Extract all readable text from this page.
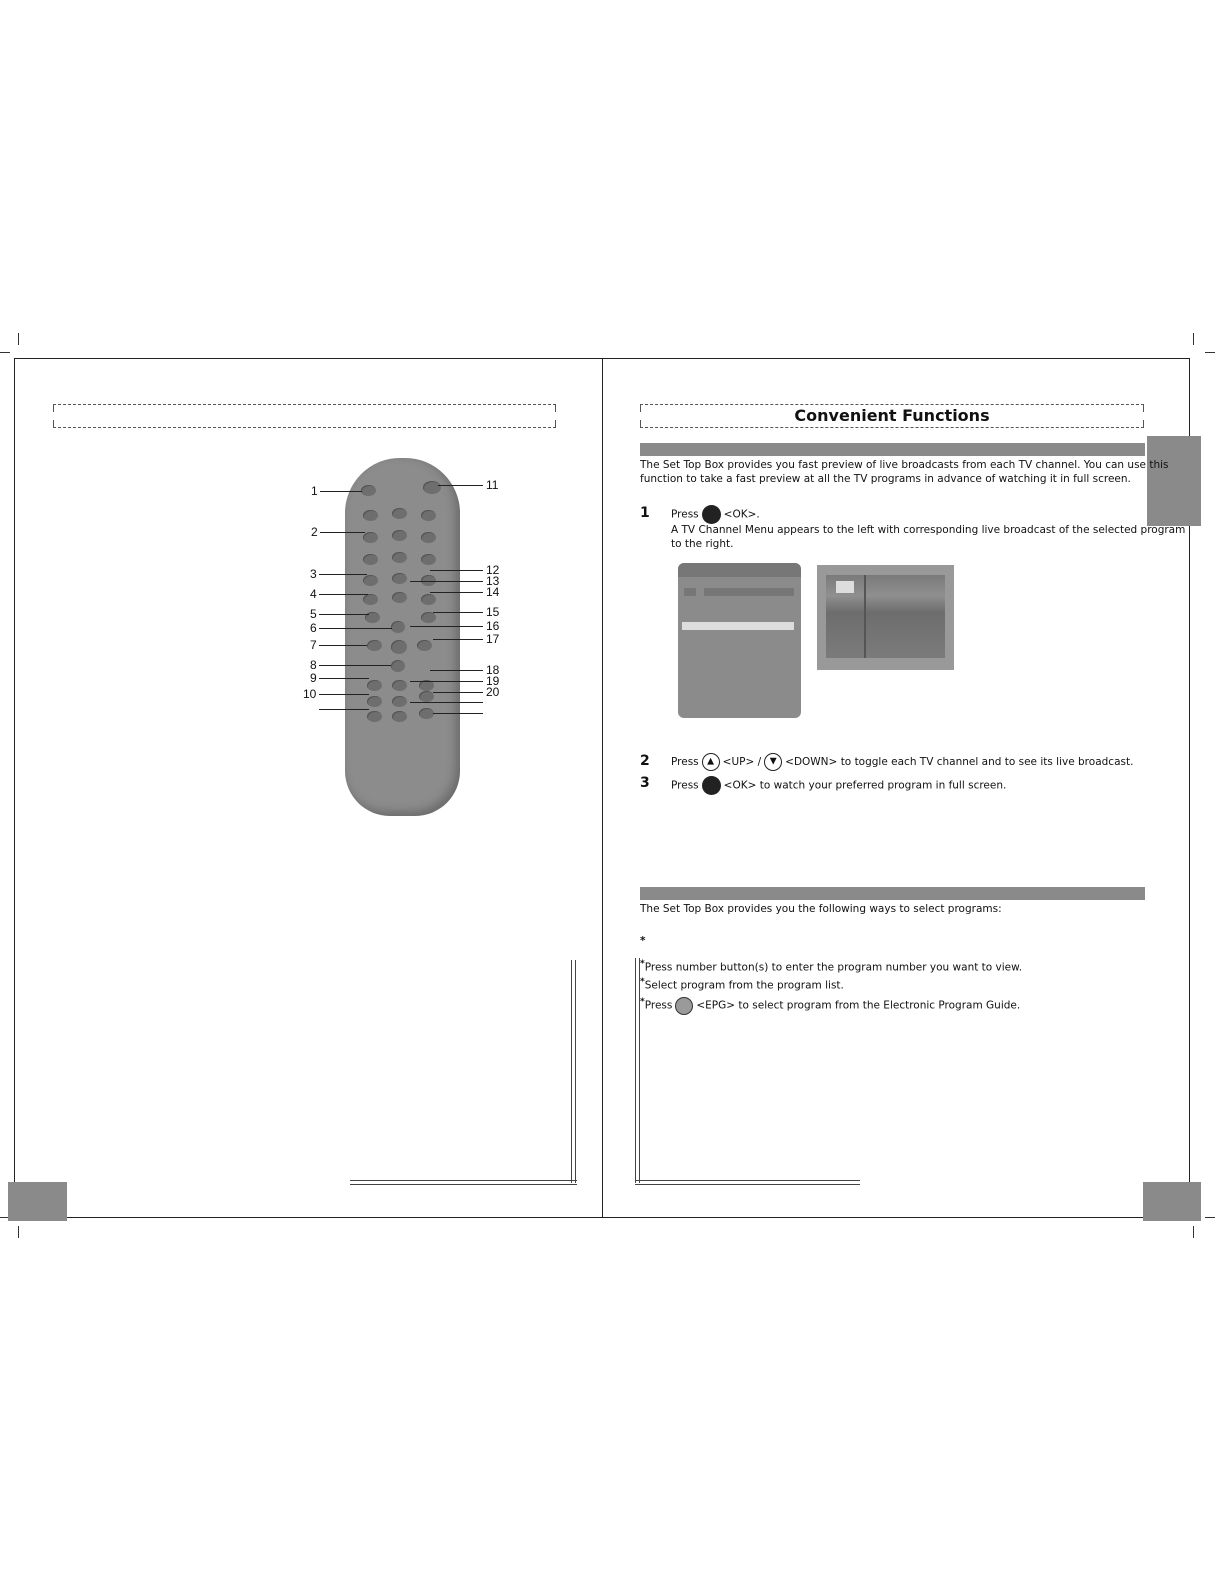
1
2
3
4
5
6
7
8
9
10
11
12
13
14
15
16
17
18
19
20
Convenient Functions
The Set Top Box provides you fast preview of live broadcasts from each TV channel. You can use this
function to take a fast preview at all the TV programs in advance of watching it in full screen.
1 Press <OK>.
A TV Channel Menu appears to the left with corresponding live broadcast of the selected program
to the right.
2 Press ▲ <UP> / ▼ <DOWN> to toggle each TV channel and to see its live broadcast.
3 Press <OK> to watch your preferred program in full screen.
The Set Top Box provides you the following ways to select programs:
*
*Press number button(s) to enter the program number you want to view.
*Select program from the program list.
*Press <EPG> to select program from the Electronic Program Guide.
